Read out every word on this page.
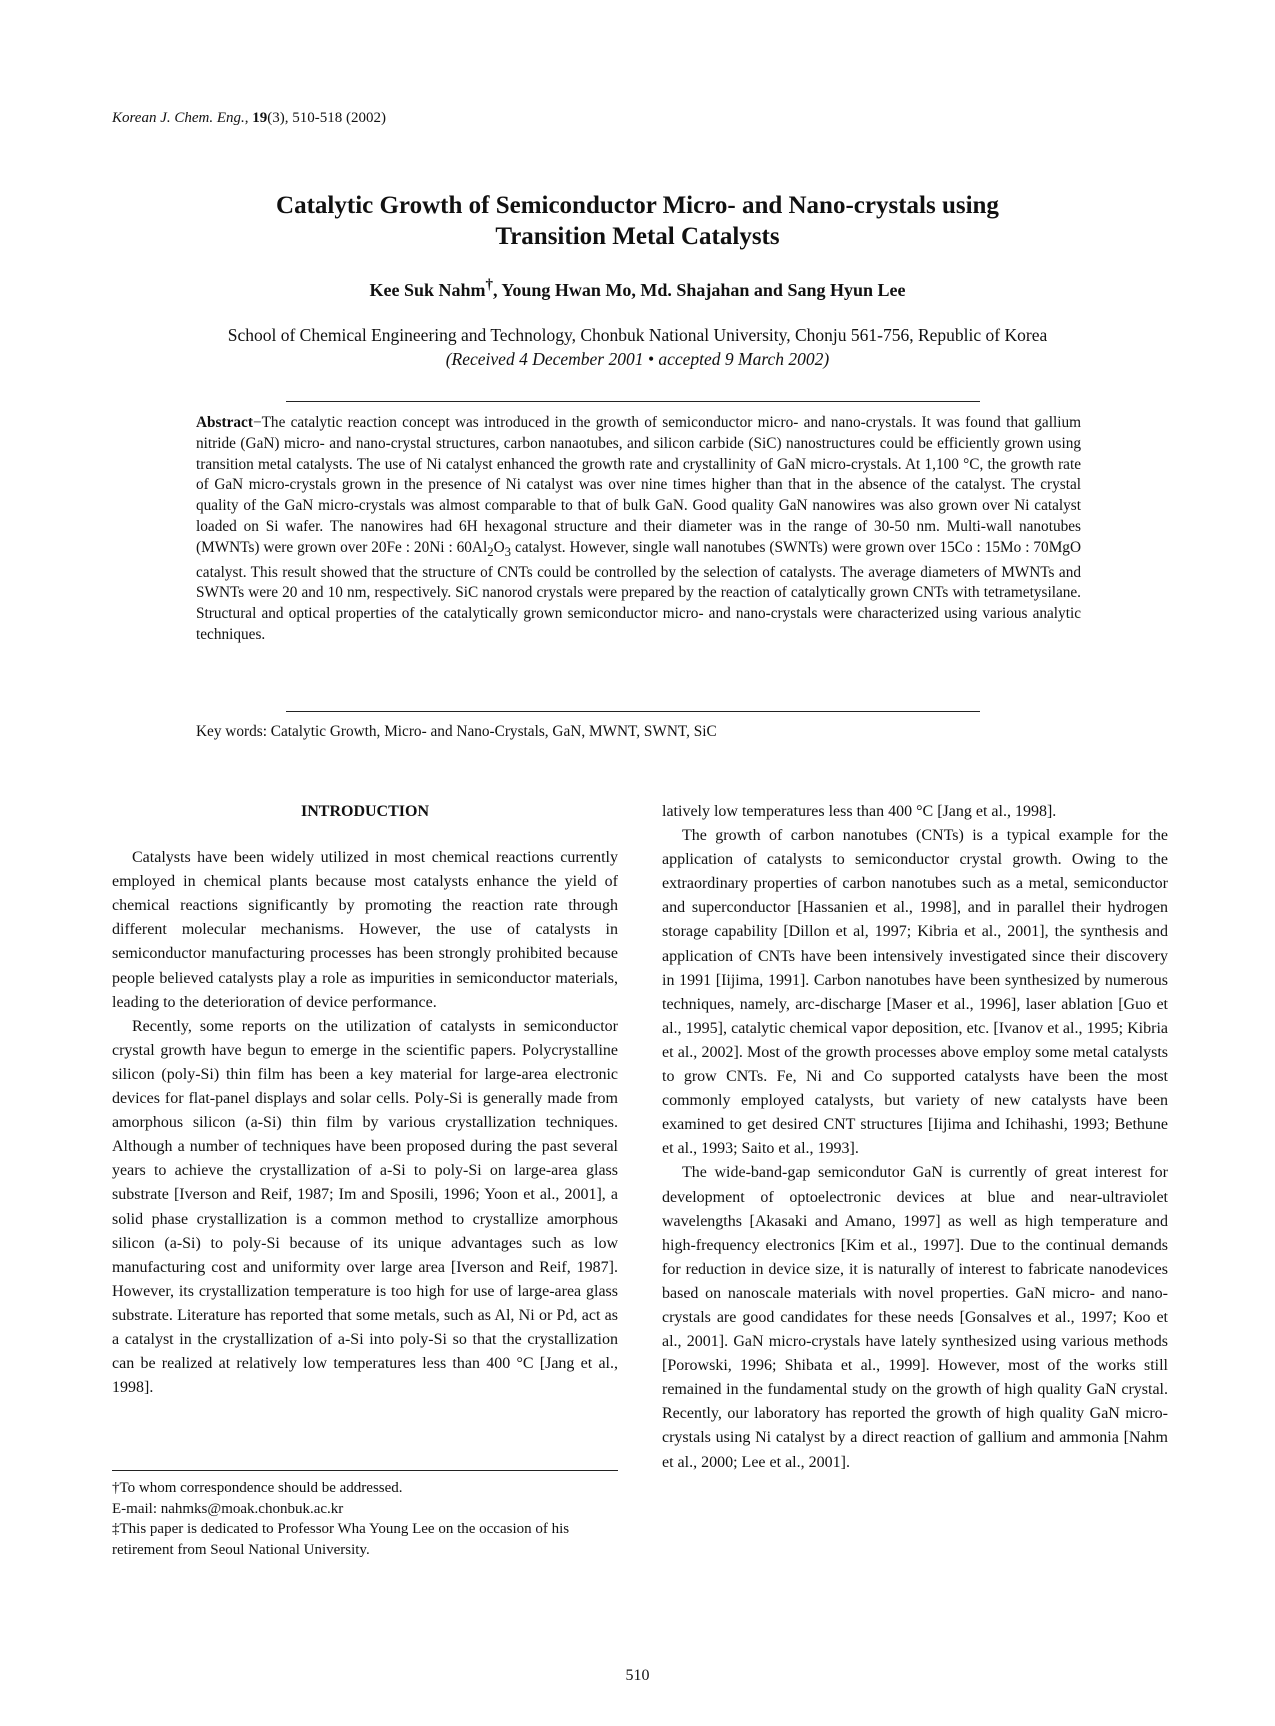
Korean J. Chem. Eng., 19(3), 510-518 (2002)
Catalytic Growth of Semiconductor Micro- and Nano-crystals using
Transition Metal Catalysts
Kee Suk Nahm†, Young Hwan Mo, Md. Shajahan and Sang Hyun Lee
School of Chemical Engineering and Technology, Chonbuk National University, Chonju 561-756, Republic of Korea
(Received 4 December 2001 • accepted 9 March 2002)
Abstract−The catalytic reaction concept was introduced in the growth of semiconductor micro- and nano-crystals. It was found that gallium nitride (GaN) micro- and nano-crystal structures, carbon nanaotubes, and silicon carbide (SiC) nanostructures could be efficiently grown using transition metal catalysts. The use of Ni catalyst enhanced the growth rate and crystallinity of GaN micro-crystals. At 1,100 °C, the growth rate of GaN micro-crystals grown in the presence of Ni catalyst was over nine times higher than that in the absence of the catalyst. The crystal quality of the GaN micro-crystals was almost comparable to that of bulk GaN. Good quality GaN nanowires was also grown over Ni catalyst loaded on Si wafer. The nanowires had 6H hexagonal structure and their diameter was in the range of 30-50 nm. Multi-wall nanotubes (MWNTs) were grown over 20Fe : 20Ni : $60Al_2O_3$ catalyst. However, single wall nanotubes (SWNTs) were grown over 15Co : 15Mo : 70MgO catalyst. This result showed that the structure of CNTs could be controlled by the selection of catalysts. The average diameters of MWNTs and SWNTs were 20 and 10 nm, respectively. SiC nanorod crystals were prepared by the reaction of catalytically grown CNTs with tetrametysilane. Structural and optical properties of the catalytically grown semiconductor micro- and nano-crystals were characterized using various analytic techniques.
Key words: Catalytic Growth, Micro- and Nano-Crystals, GaN, MWNT, SWNT, SiC
INTRODUCTION

Catalysts have been widely utilized in most chemical reactions currently employed in chemical plants because most catalysts enhance the yield of chemical reactions significantly by promoting the reaction rate through different molecular mechanisms. However, the use of catalysts in semiconductor manufacturing processes has been strongly prohibited because people believed catalysts play a role as impurities in semiconductor materials, leading to the deterioration of device performance.

Recently, some reports on the utilization of catalysts in semiconductor crystal growth have begun to emerge in the scientific papers. Polycrystalline silicon (poly-Si) thin film has been a key material for large-area electronic devices for flat-panel displays and solar cells. Poly-Si is generally made from amorphous silicon (a-Si) thin film by various crystallization techniques. Although a number of techniques have been proposed during the past several years to achieve the crystallization of a-Si to poly-Si on large-area glass substrate [Iverson and Reif, 1987; Im and Sposili, 1996; Yoon et al., 2001], a solid phase crystallization is a common method to crystallize amorphous silicon (a-Si) to poly-Si because of its unique advantages such as low manufacturing cost and uniformity over large area [Iverson and Reif, 1987]. However, its crystallization temperature is too high for use of large-area glass substrate. Literature has reported that some metals, such as Al, Ni or Pd, act as a catalyst in the crystallization of a-Si into poly-Si so that the crystallization can be realized at relatively low temperatures less than 400 °C [Jang et al., 1998].

latively low temperatures less than 400 °C [Jang et al., 1998].

The growth of carbon nanotubes (CNTs) is a typical example for the application of catalysts to semiconductor crystal growth. Owing to the extraordinary properties of carbon nanotubes such as a metal, semiconductor and superconductor [Hassanien et al., 1998], and in parallel their hydrogen storage capability [Dillon et al, 1997; Kibria et al., 2001], the synthesis and application of CNTs have been intensively investigated since their discovery in 1991 [Iijima, 1991]. Carbon nanotubes have been synthesized by numerous techniques, namely, arc-discharge [Maser et al., 1996], laser ablation [Guo et al., 1995], catalytic chemical vapor deposition, etc. [Ivanov et al., 1995; Kibria et al., 2002]. Most of the growth processes above employ some metal catalysts to grow CNTs. Fe, Ni and Co supported catalysts have been the most commonly employed catalysts, but variety of new catalysts have been examined to get desired CNT structures [Iijima and Ichihashi, 1993; Bethune et al., 1993; Saito et al., 1993].

The wide-band-gap semicondutor GaN is currently of great interest for development of optoelectronic devices at blue and near-ultraviolet wavelengths [Akasaki and Amano, 1997] as well as high temperature and high-frequency electronics [Kim et al., 1997]. Due to the continual demands for reduction in device size, it is naturally of interest to fabricate nanodevices based on nanoscale materials with novel properties. GaN micro- and nano-crystals are good candidates for these needs [Gonsalves et al., 1997; Koo et al., 2001]. GaN micro-crystals have lately synthesized using various methods [Porowski, 1996; Shibata et al., 1999]. However, most of the works still remained in the fundamental study on the growth of high quality GaN crystal. Recently, our laboratory has reported the growth of high quality GaN micro-crystals using Ni catalyst by a direct reaction of gallium and ammonia [Nahm et al., 2000; Lee et al., 2001].

†To whom correspondence should be addressed.
E-mail: nahmks@moak.chonbuk.ac.kr
‡This paper is dedicated to Professor Wha Young Lee on the occasion of his retirement from Seoul National University.
510
